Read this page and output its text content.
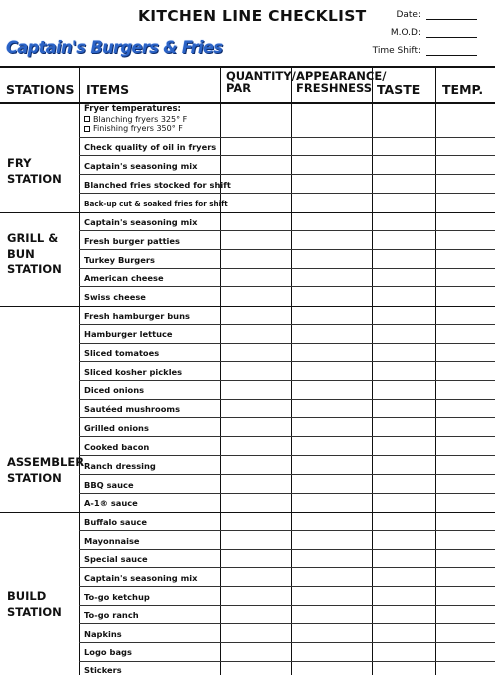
KITCHEN LINE CHECKLIST
Captain's Burgers & Fries
Date:
M.O.D:
Time Shift:
STATIONS ITEMS
QUANTITY/
PAR
APPEARANCE/
FRESHNESS TASTE TEMP.
FRY
STATION
Fryer temperatures:
Blanching fryers 325° F
Finishing fryers 350° F
Check quality of oil in fryers
Captain's seasoning mix
Blanched fries stocked for shift
Back-up cut & soaked fries for shift
GRILL &
BUN
STATION
Captain's seasoning mix
Fresh burger patties
Turkey Burgers
American cheese
Swiss cheese
ASSEMBLER
STATION
Fresh hamburger buns
Hamburger lettuce
Sliced tomatoes
Sliced kosher pickles
Diced onions
Sautéed mushrooms
Grilled onions
Cooked bacon
Ranch dressing
BBQ sauce
A-1® sauce
BUILD
STATION
Buffalo sauce
Mayonnaise
Special sauce
Captain's seasoning mix
To-go ketchup
To-go ranch
Napkins
Logo bags
Stickers
